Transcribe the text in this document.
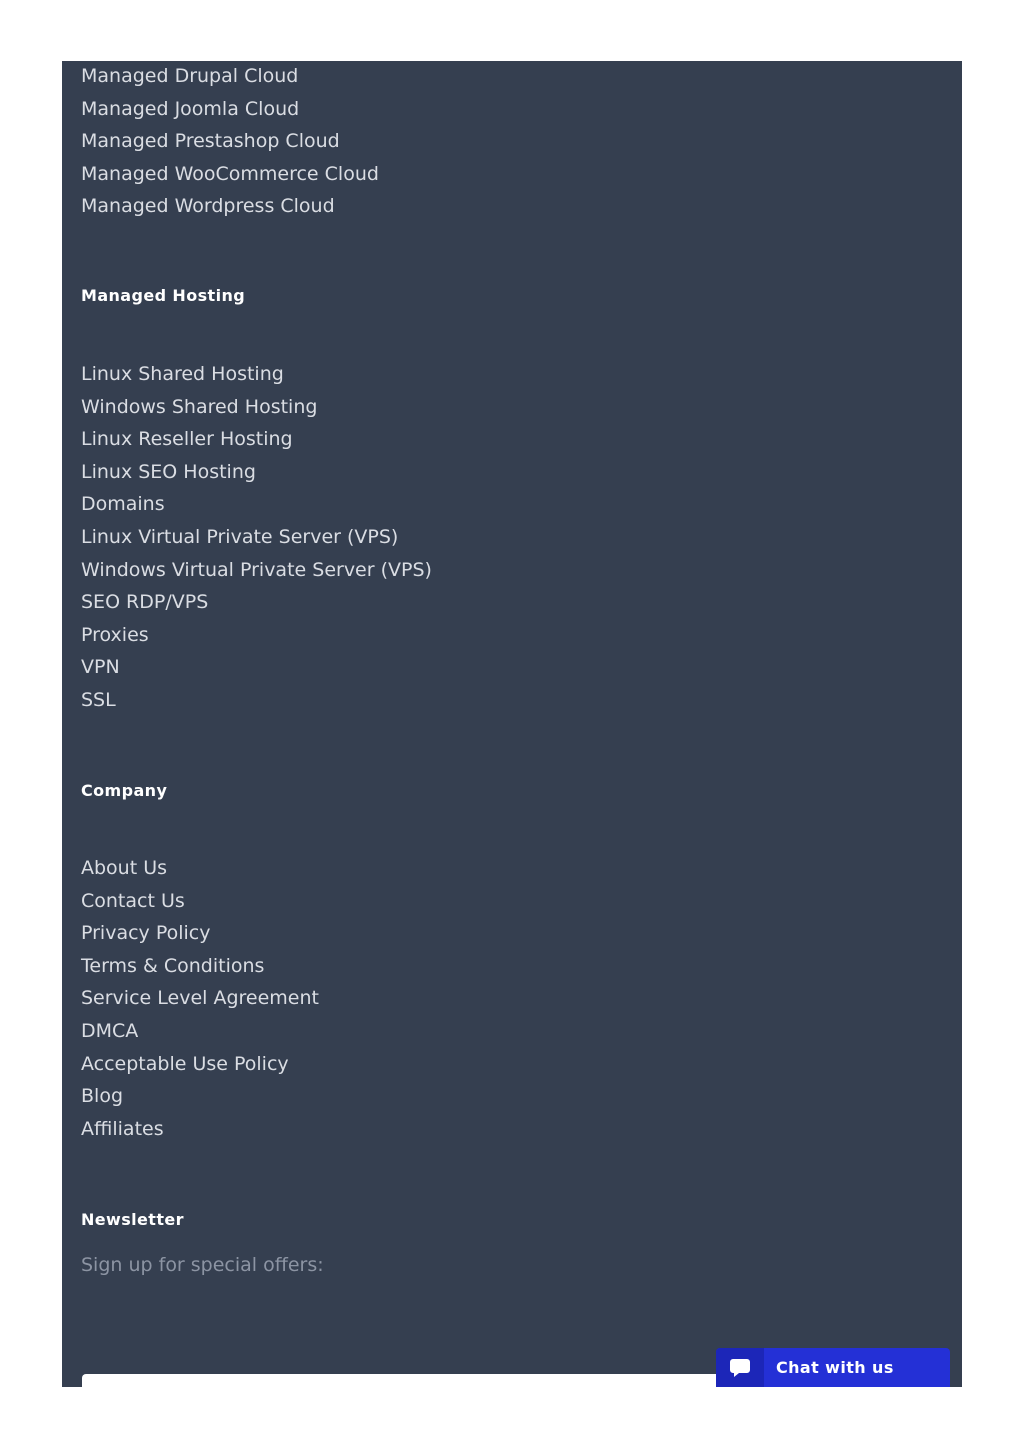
Managed Drupal Cloud
Managed Joomla Cloud
Managed Prestashop Cloud
Managed WooCommerce Cloud
Managed Wordpress Cloud
Managed Hosting
Linux Shared Hosting
Windows Shared Hosting
Linux Reseller Hosting
Linux SEO Hosting
Domains
Linux Virtual Private Server (VPS)
Windows Virtual Private Server (VPS)
SEO RDP/VPS
Proxies
VPN
SSL
Company
About Us
Contact Us
Privacy Policy
Terms & Conditions
Service Level Agreement
DMCA
Acceptable Use Policy
Blog
Affiliates
Newsletter

Sign up for special offers:

Chat with us
